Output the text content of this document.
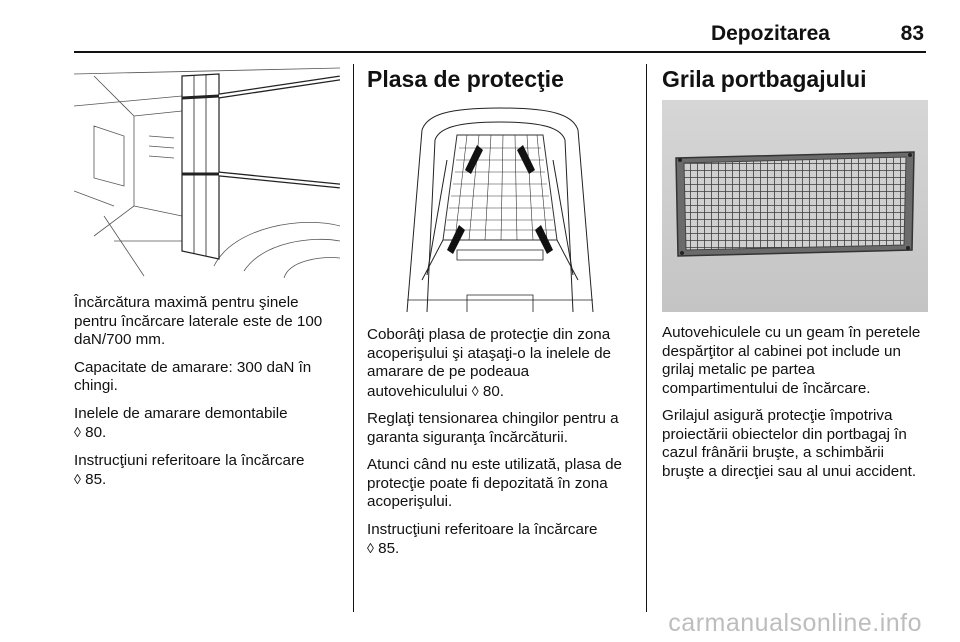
Depozitarea	83

Încărcătura maximă pentru şinele pentru încărcare laterale este de 100 daN/700 mm.

Capacitate de amarare: 300 daN în chingi.

Inelele de amarare demontabile
◊ 80.

Instrucţiuni referitoare la încărcare
◊ 85.

Plasa de protecţie

Coborâţi plasa de protecţie din zona acoperişului şi ataşaţi-o la inelele de amarare de pe podeaua autovehiculului ◊ 80.

Reglaţi tensionarea chingilor pentru a garanta siguranţa încărcăturii.

Atunci când nu este utilizată, plasa de protecţie poate fi depozitată în zona acoperişului.

Instrucţiuni referitoare la încărcare
◊ 85.

Grila portbagajului

Autovehiculele cu un geam în peretele despărţitor al cabinei pot include un grilaj metalic pe partea compartimentului de încărcare.

Grilajul asigură protecţie împotriva proiectării obiectelor din portbagaj în cazul frânării bruşte, a schimbării bruşte a direcţiei sau al unui accident.

carmanualsonline.info
